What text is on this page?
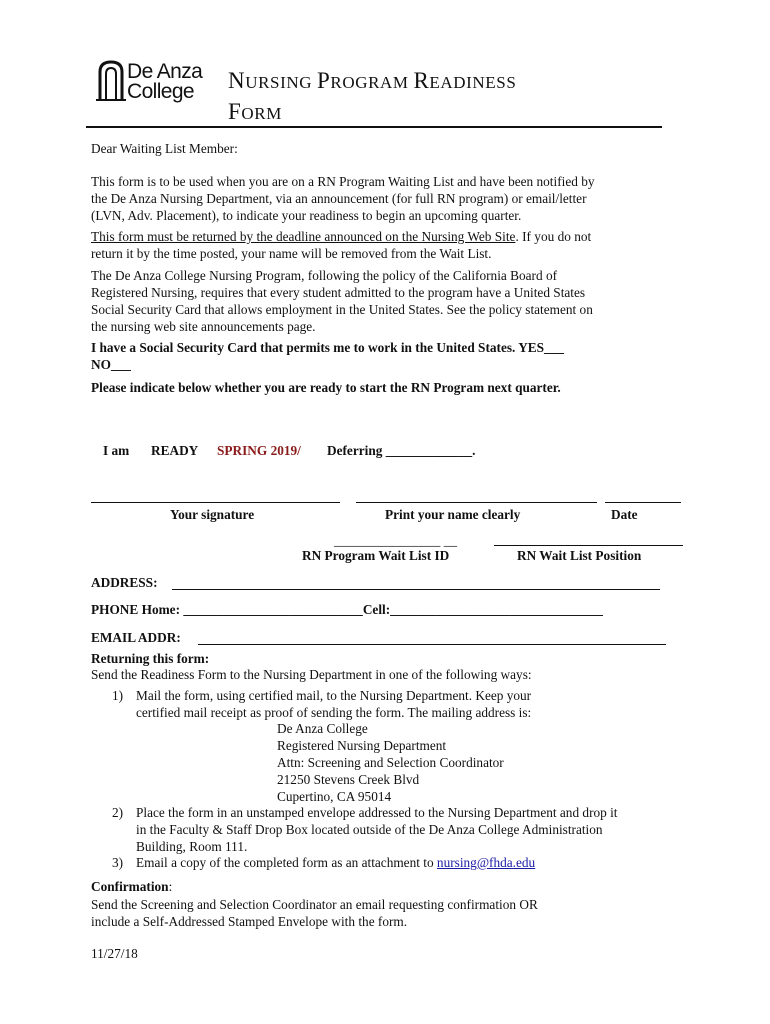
De Anza
College NURSING PROGRAM READINESS
FORM
Dear Waiting List Member:
This form is to be used when you are on a RN Program Waiting List and have been notified by
the De Anza Nursing Department, via an announcement (for full RN program) or email/letter
(LVN, Adv. Placement), to indicate your readiness to begin an upcoming quarter.
This form must be returned by the deadline announced on the Nursing Web Site. If you do not
return it by the time posted, your name will be removed from the Wait List.
The De Anza College Nursing Program, following the policy of the California Board of
Registered Nursing, requires that every student admitted to the program have a United States
Social Security Card that allows employment in the United States. See the policy statement on
the nursing web site announcements page.
I have a Social Security Card that permits me to work in the United States. YES___
NO___
Please indicate below whether you are ready to start the RN Program next quarter.
I am READY SPRING 2019/ Deferring _____________.
Your signature	Print your name clearly	Date
________________ __
RN Program Wait List ID	RN Wait List Position
ADDRESS:
PHONE Home: ___________________________Cell:________________________________
EMAIL ADDR:
Returning this form:
Send the Readiness Form to the Nursing Department in one of the following ways:
1) Mail the form, using certified mail, to the Nursing Department. Keep your
certified mail receipt as proof of sending the form. The mailing address is:
De Anza College
Registered Nursing Department
Attn: Screening and Selection Coordinator
21250 Stevens Creek Blvd
Cupertino, CA 95014
2) Place the form in an unstamped envelope addressed to the Nursing Department and drop it
in the Faculty & Staff Drop Box located outside of the De Anza College Administration
Building, Room 111.
3) Email a copy of the completed form as an attachment to nursing@fhda.edu
Confirmation:
Send the Screening and Selection Coordinator an email requesting confirmation OR
include a Self-Addressed Stamped Envelope with the form.
11/27/18
